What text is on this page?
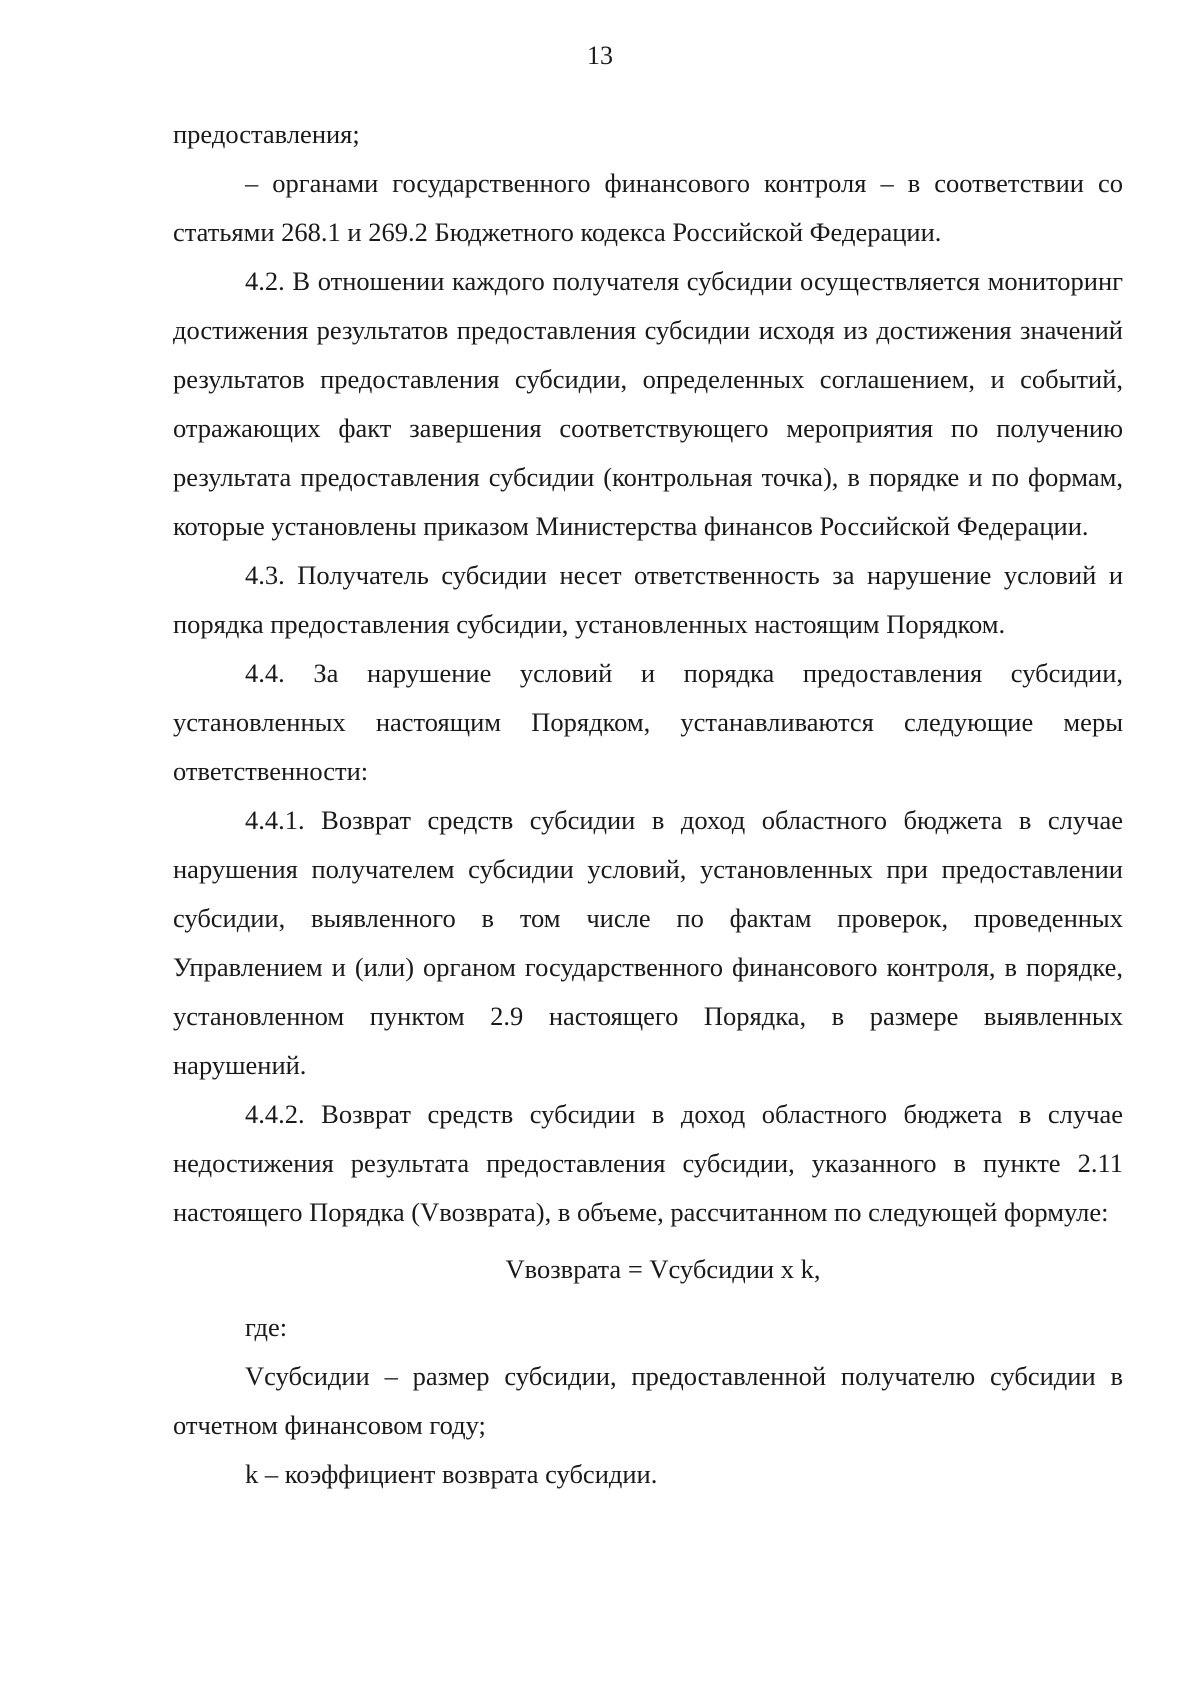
13

предоставления;

– органами государственного финансового контроля – в соответствии со статьями 268.1 и 269.2 Бюджетного кодекса Российской Федерации.

4.2. В отношении каждого получателя субсидии осуществляется мониторинг достижения результатов предоставления субсидии исходя из достижения значений результатов предоставления субсидии, определенных соглашением, и событий, отражающих факт завершения соответствующего мероприятия по получению результата предоставления субсидии (контрольная точка), в порядке и по формам, которые установлены приказом Министерства финансов Российской Федерации.

4.3. Получатель субсидии несет ответственность за нарушение условий и порядка предоставления субсидии, установленных настоящим Порядком.

4.4. За нарушение условий и порядка предоставления субсидии, установленных настоящим Порядком, устанавливаются следующие меры ответственности:

4.4.1. Возврат средств субсидии в доход областного бюджета в случае нарушения получателем субсидии условий, установленных при предоставлении субсидии, выявленного в том числе по фактам проверок, проведенных Управлением и (или) органом государственного финансового контроля, в порядке, установленном пунктом 2.9 настоящего Порядка, в размере выявленных нарушений.

4.4.2. Возврат средств субсидии в доход областного бюджета в случае недостижения результата предоставления субсидии, указанного в пункте 2.11 настоящего Порядка (Vвозврата), в объеме, рассчитанном по следующей формуле:

Vвозврата = Vсубсидии x k,

где:

Vсубсидии – размер субсидии, предоставленной получателю субсидии в отчетном финансовом году;

k – коэффициент возврата субсидии.
